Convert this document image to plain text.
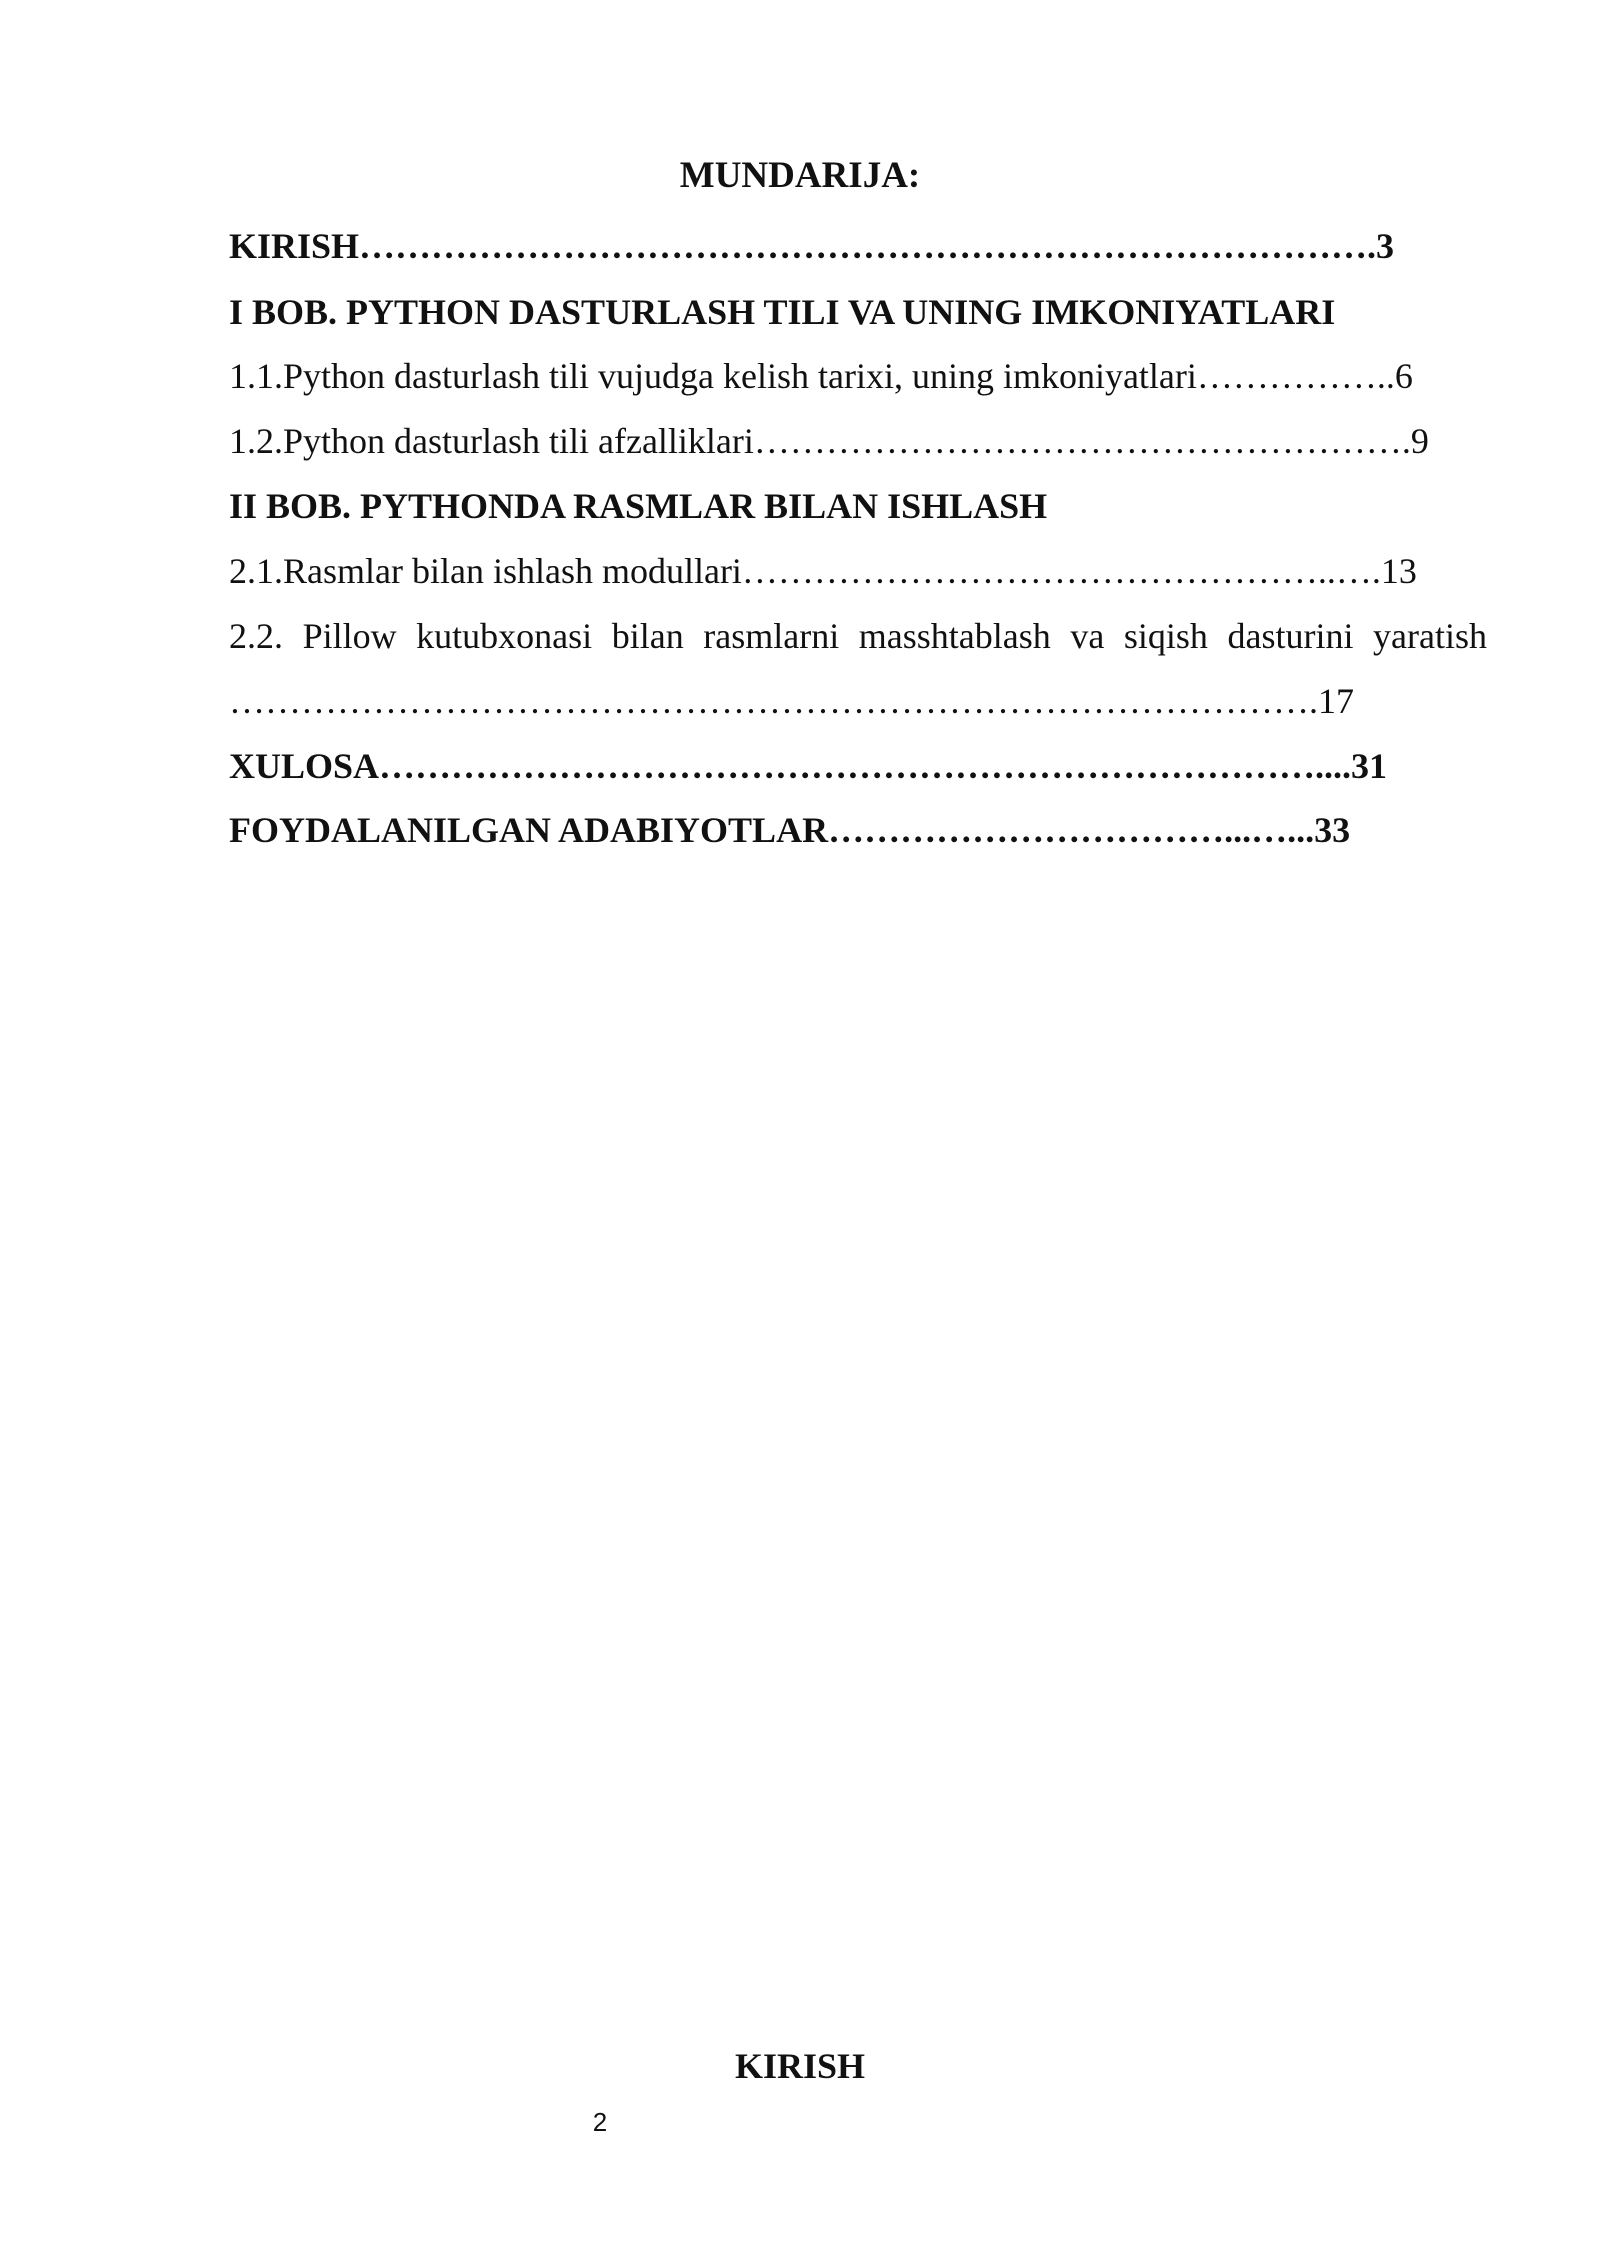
MUNDARIJA:

KIRISH………………………………………………………………………….3

I BOB. PYTHON DASTURLASH TILI VA UNING IMKONIYATLARI

1.1.Python dasturlash tili vujudga kelish tarixi, uning imkoniyatlari……………..6

1.2.Python dasturlash tili afzalliklari……………………………………………….9

II BOB. PYTHONDA RASMLAR BILAN ISHLASH

2.1.Rasmlar bilan ishlash modullari…………………………………………..….13

2.2. Pillow kutubxonasi bilan rasmlarni masshtablash va siqish dasturini yaratish

……………………………………………………………………………….17

XULOSA……………………………………………………………………....31

FOYDALANILGAN ADABIYOTLAR……………………………...…...33

KIRISH

2
